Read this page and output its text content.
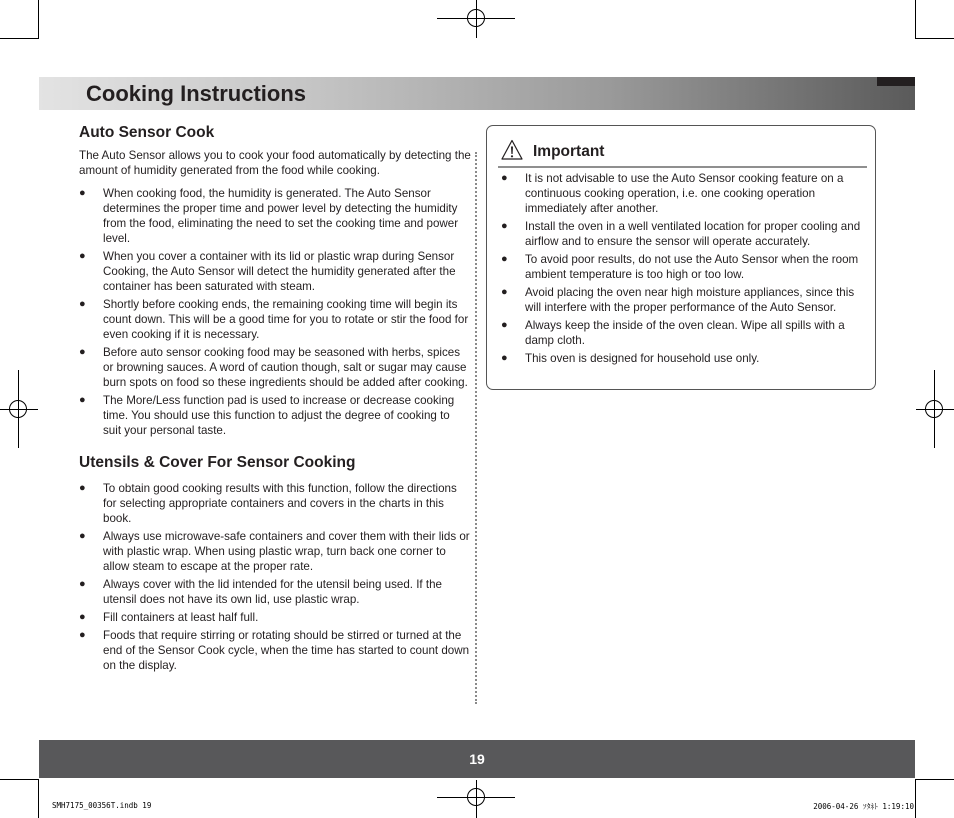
Cooking Instructions
Auto Sensor Cook

The Auto Sensor allows you to cook your food automatically by detecting the amount of humidity generated from the food while cooking.

● When cooking food, the humidity is generated. The Auto Sensor determines the proper time and power level by detecting the humidity from the food, eliminating the need to set the cooking time and power level.
● When you cover a container with its lid or plastic wrap during Sensor Cooking, the Auto Sensor will detect the humidity generated after the container has been saturated with steam.
● Shortly before cooking ends, the remaining cooking time will begin its count down. This will be a good time for you to rotate or stir the food for even cooking if it is necessary.
● Before auto sensor cooking food may be seasoned with herbs, spices or browning sauces. A word of caution though, salt or sugar may cause burn spots on food so these ingredients should be added after cooking.
● The More/Less function pad is used to increase or decrease cooking time. You should use this function to adjust the degree of cooking to suit your personal taste.
Utensils & Cover For Sensor Cooking
● To obtain good cooking results with this function, follow the directions for selecting appropriate containers and covers in the charts in this book.
● Always use microwave-safe containers and cover them with their lids or with plastic wrap. When using plastic wrap, turn back one corner to allow steam to escape at the proper rate.
● Always cover with the lid intended for the utensil being used. If the utensil does not have its own lid, use plastic wrap.
● Fill containers at least half full.
● Foods that require stirring or rotating should be stirred or turned at the end of the Sensor Cook cycle, when the time has started to count down on the display.
Important
● It is not advisable to use the Auto Sensor cooking feature on a continuous cooking operation, i.e. one cooking operation immediately after another.
● Install the oven in a well ventilated location for proper cooling and airflow and to ensure the sensor will operate accurately.
● To avoid poor results, do not use the Auto Sensor when the room ambient temperature is too high or too low.
● Avoid placing the oven near high moisture appliances, since this will interfere with the proper performance of the Auto Sensor.
● Always keep the inside of the oven clean. Wipe all spills with a damp cloth.
● This oven is designed for household use only.
19
SMH7175_00356T.indb 19	2006-04-26 ｿﾀﾈﾄ 1:19:10
